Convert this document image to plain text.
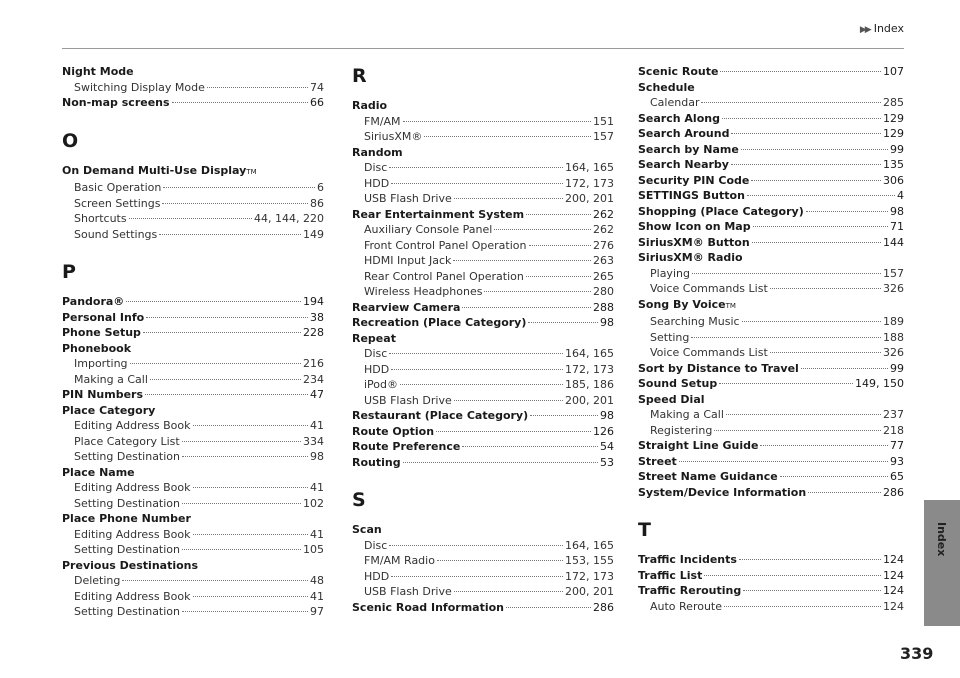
▶▶ Index
Night Mode
Switching Display Mode	74
Non-map screens	66
O
On Demand Multi-Use Display TM
Basic Operation	6
Screen Settings	86
Shortcuts	44, 144, 220
Sound Settings	149
P
Pandora®	194
Personal Info	38
Phone Setup	228
Phonebook
Importing	216
Making a Call	234
PIN Numbers	47
Place Category
Editing Address Book	41
Place Category List	334
Setting Destination	98
Place Name
Editing Address Book	41
Setting Destination	102
Place Phone Number
Editing Address Book	41
Setting Destination	105
Previous Destinations
Deleting	48
Editing Address Book	41
Setting Destination	97
R
Radio
FM/AM	151
SiriusXM®	157
Random
Disc	164, 165
HDD	172, 173
USB Flash Drive	200, 201
Rear Entertainment System	262
Auxiliary Console Panel	262
Front Control Panel Operation	276
HDMI Input Jack	263
Rear Control Panel Operation	265
Wireless Headphones	280
Rearview Camera	288
Recreation (Place Category)	98
Repeat
Disc	164, 165
HDD	172, 173
iPod®	185, 186
USB Flash Drive	200, 201
Restaurant (Place Category)	98
Route Option	126
Route Preference	54
Routing	53
S
Scan
Disc	164, 165
FM/AM Radio	153, 155
HDD	172, 173
USB Flash Drive	200, 201
Scenic Road Information	286
Scenic Route	107
Schedule
Calendar	285
Search Along	129
Search Around	129
Search by Name	99
Search Nearby	135
Security PIN Code	306
SETTINGS Button	4
Shopping (Place Category)	98
Show Icon on Map	71
SiriusXM® Button	144
SiriusXM® Radio
Playing	157
Voice Commands List	326
Song By Voice TM
Searching Music	189
Setting	188
Voice Commands List	326
Sort by Distance to Travel	99
Sound Setup	149, 150
Speed Dial
Making a Call	237
Registering	218
Straight Line Guide	77
Street	93
Street Name Guidance	65
System/Device Information	286
T
Traffic Incidents	124
Traffic List	124
Traffic Rerouting	124
Auto Reroute	124
Index
339
